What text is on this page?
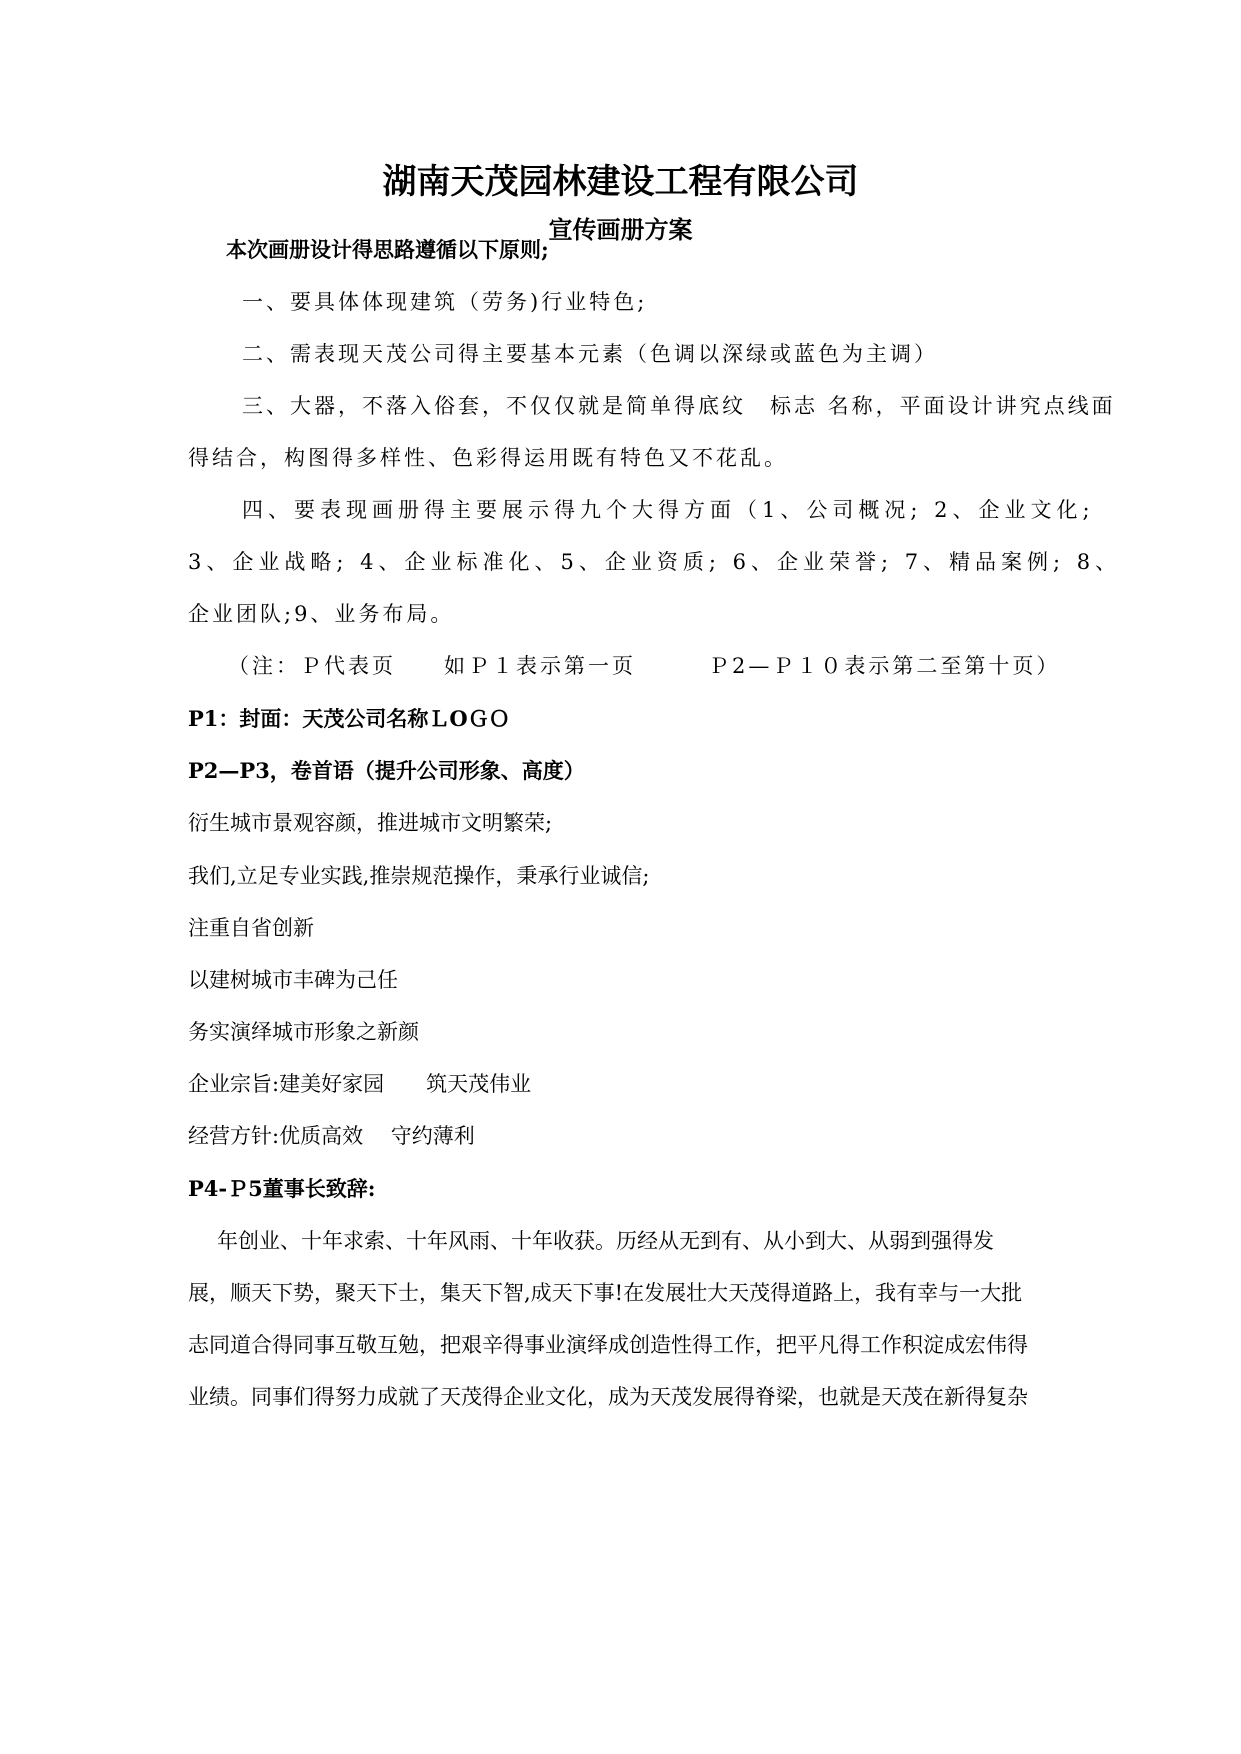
湖南天茂园林建设工程有限公司
宣传画册方案
本次画册设计得思路遵循以下原则;
一、要具体体现建筑（劳务)行业特色;
二、需表现天茂公司得主要基本元素（色调以深绿或蓝色为主调）
三、大器，不落入俗套，不仅仅就是简单得底纹　标志 名称，平面设计讲究点线面
得结合，构图得多样性、色彩得运用既有特色又不花乱。
四、要表现画册得主要展示得九个大得方面（1、公司概况; 2、企业文化;
3、企业战略; 4、企业标准化、5、企业资质; 6、企业荣誉; 7、精品案例; 8、
企业团队;9、业务布局。
（注：Ｐ代表页　　如Ｐ１表示第一页　　　Ｐ2—Ｐ１０表示第二至第十页）
P1：封面：天茂公司名称ＬOＧＯ
P2—P3，卷首语（提升公司形象、高度）
衍生城市景观容颜，推进城市文明繁荣;
我们,立足专业实践,推崇规范操作，秉承行业诚信;
注重自省创新
以建树城市丰碑为己任
务实演绎城市形象之新颜
企业宗旨:建美好家园　　筑天茂伟业
经营方针:优质高效　 守约薄利
P4-Ｐ5董事长致辞:
年创业、十年求索、十年风雨、十年收获。历经从无到有、从小到大、从弱到强得发
展，顺天下势，聚天下士，集天下智,成天下事!在发展壮大天茂得道路上，我有幸与一大批
志同道合得同事互敬互勉，把艰辛得事业演绎成创造性得工作，把平凡得工作积淀成宏伟得
业绩。同事们得努力成就了天茂得企业文化，成为天茂发展得脊梁，也就是天茂在新得复杂
